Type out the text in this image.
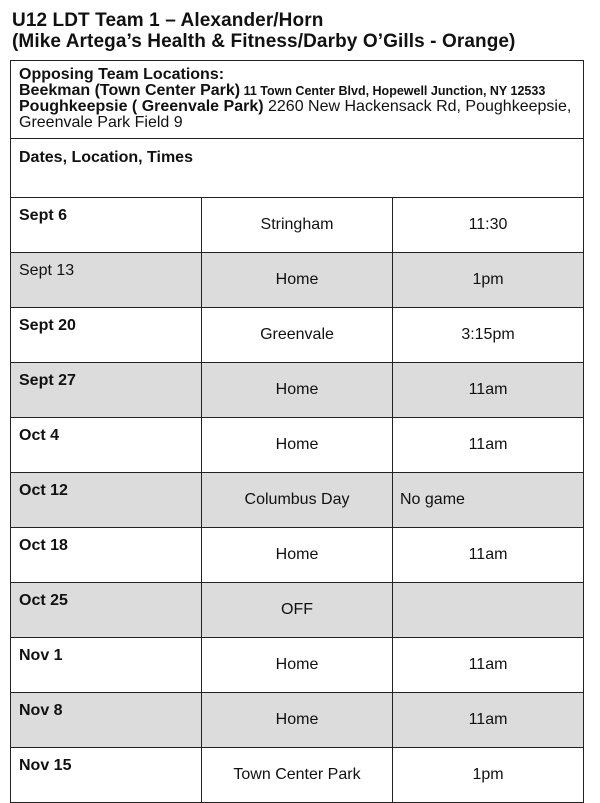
U12 LDT Team 1 – Alexander/Horn
(Mike Artega’s Health & Fitness/Darby O’Gills - Orange)
Opposing Team Locations:
Beekman (Town Center Park) 11 Town Center Blvd, Hopewell Junction, NY 12533
Poughkeepsie ( Greenvale Park) 2260 New Hackensack Rd, Poughkeepsie,
Greenvale Park Field 9		

Dates, Location, Times		
Sept 6	Stringham	11:30
Sept 13	Home	1pm
Sept 20	Greenvale	3:15pm
Sept 27	Home	11am
Oct 4	Home	11am
Oct 12	Columbus Day	No game
Oct 18	Home	11am
Oct 25	OFF	
Nov 1	Home	11am
Nov 8	Home	11am
Nov 15	Town Center Park	1pm
